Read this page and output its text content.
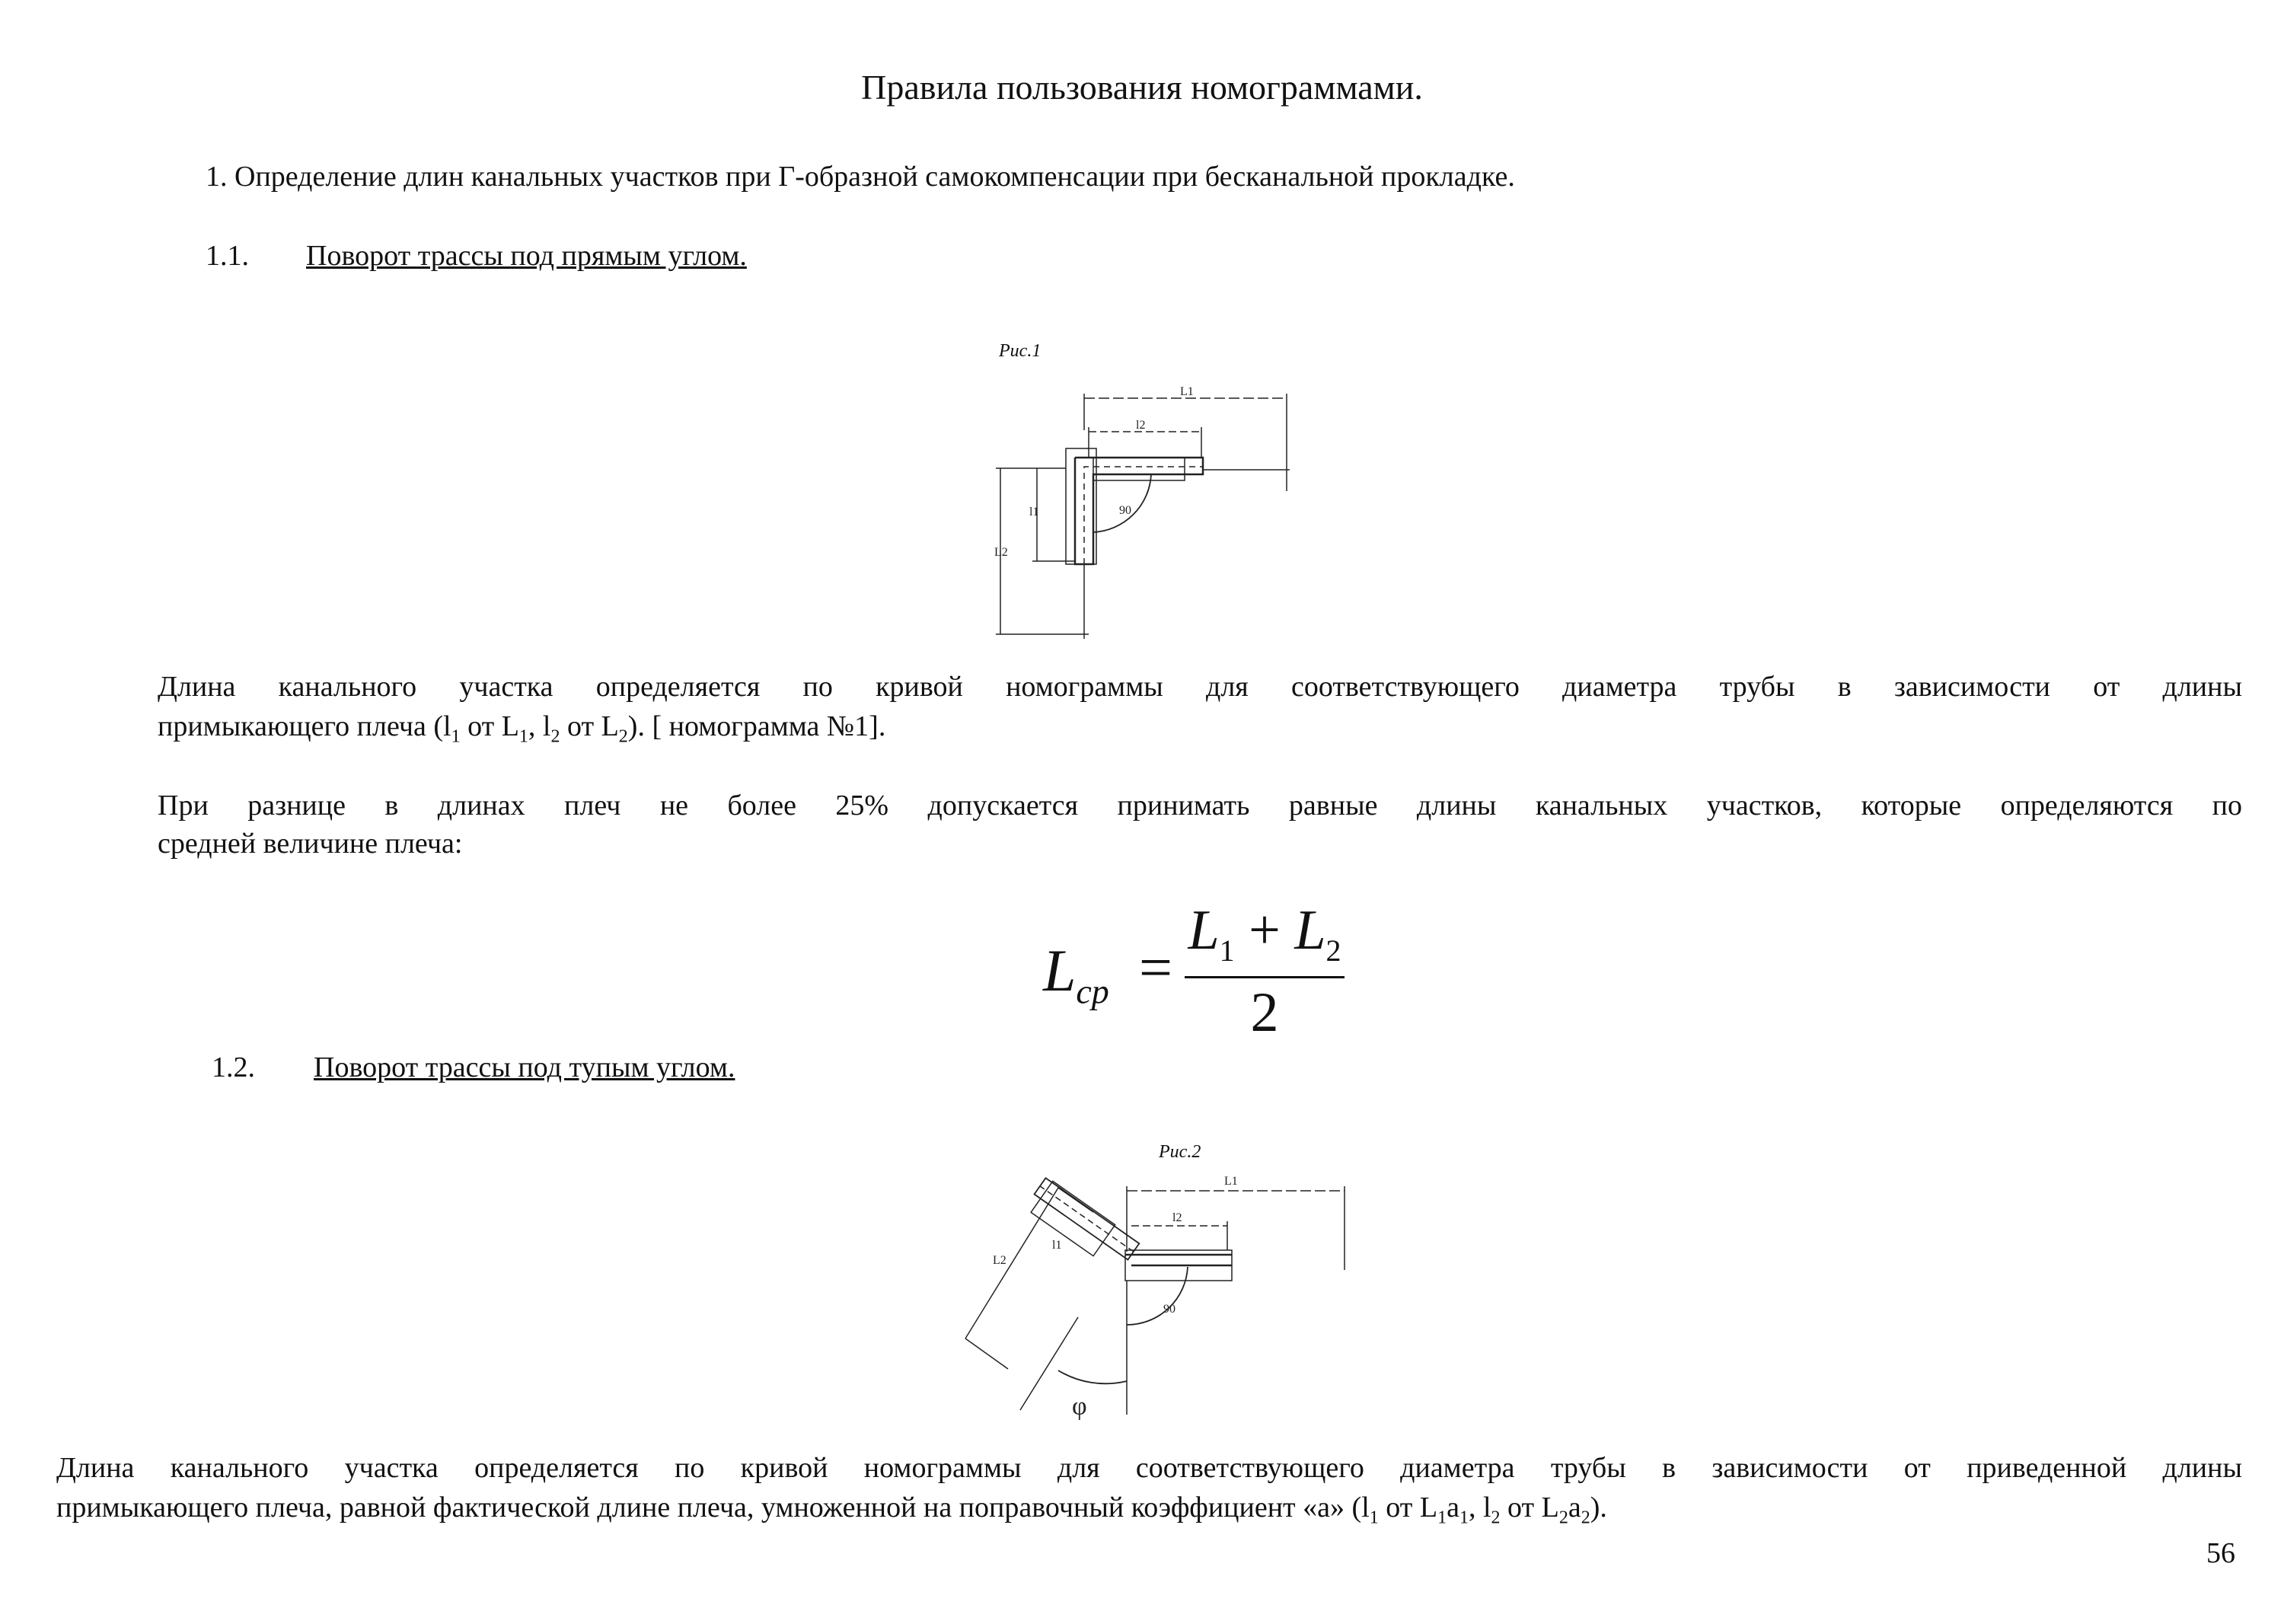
Правила пользования номограммами.
1. Определение длин канальных участков при Г-образной самокомпенсации при бесканальной прокладке.
1.1. Поворот трассы под прямым углом.
Рис.1
L1
l2
L2
l1	90
Длина канального участка определяется по кривой номограммы для соответствующего диаметра трубы в зависимости от длины
примыкающего плеча ($l_1$ от $L_1$, $l_2$ от $L_2$). [ номограмма №1].
При разнице в длинах плеч не более 25% допускается принимать равные длины канальных участков, которые определяются по
средней величине плеча:
$L_{ср}$ =
$L_1 + L_2$
2
1.2. Поворот трассы под тупым углом.
Рис.2
L1
l2
L2
l1
90
φ
Длина канального участка определяется по кривой номограммы для соответствующего диаметра трубы в зависимости от приведенной длины
примыкающего плеча, равной фактической длине плеча, умноженной на поправочный коэффициент «а» ($l_1$ от $L_1a_1$, $l_2$ от $L_2a_2$).
56
